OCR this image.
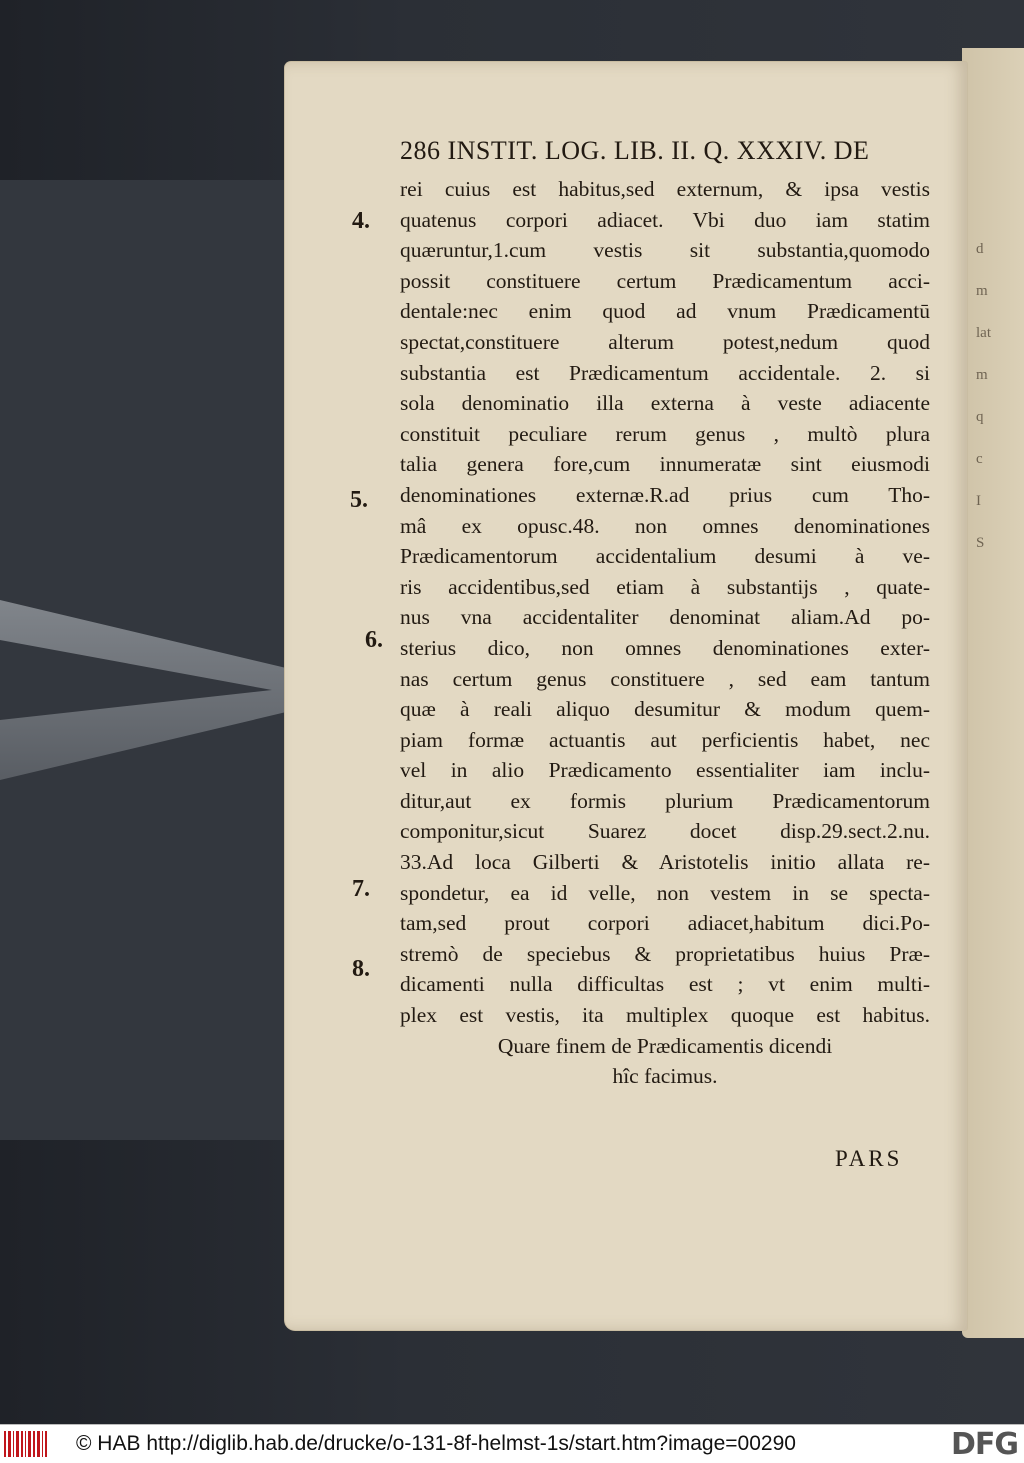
d
m
lat
m
q
c
I
S
286 INSTIT. LOG. LIB. II. Q. XXXIV. DE
rei cuius est habitus,sed externum, & ipsa vestis
quatenus corpori adiacet. Vbi duo iam statim
quæruntur,1.cum vestis sit substantia,quomodo
possit constituere certum Prædicamentum acci-
dentale:nec enim quod ad vnum Prædicamentū
spectat,constituere alterum potest,nedum quod
substantia est Prædicamentum accidentale. 2. si
sola denominatio illa externa à veste adiacente
constituit peculiare rerum genus , multò plura
talia genera fore,cum innumeratæ sint eiusmodi
denominationes externæ.R.ad prius cum Tho-
mâ ex opusc.48. non omnes denominationes
Prædicamentorum accidentalium desumi à ve-
ris accidentibus,sed etiam à substantijs , quate-
nus vna accidentaliter denominat aliam.Ad po-
sterius dico, non omnes denominationes exter-
nas certum genus constituere , sed eam tantum
quæ à reali aliquo desumitur & modum quem-
piam formæ actuantis aut perficientis habet, nec
vel in alio Prædicamento essentialiter iam inclu-
ditur,aut ex formis plurium Prædicamentorum
componitur,sicut Suarez docet disp.29.sect.2.nu.
33.Ad loca Gilberti & Aristotelis initio allata re-
spondetur, ea id velle, non vestem in se specta-
tam,sed prout corpori adiacet,habitum dici.Po-
stremò de speciebus & proprietatibus huius Præ-
dicamenti nulla difficultas est ; vt enim multi-
plex est vestis, ita multiplex quoque est habitus.
Quare finem de Prædicamentis dicendi
hîc facimus.
4.
5.
6.
7.
8.
PARS
© HAB http://diglib.hab.de/drucke/o-131-8f-helmst-1s/start.htm?image=00290	DFG
